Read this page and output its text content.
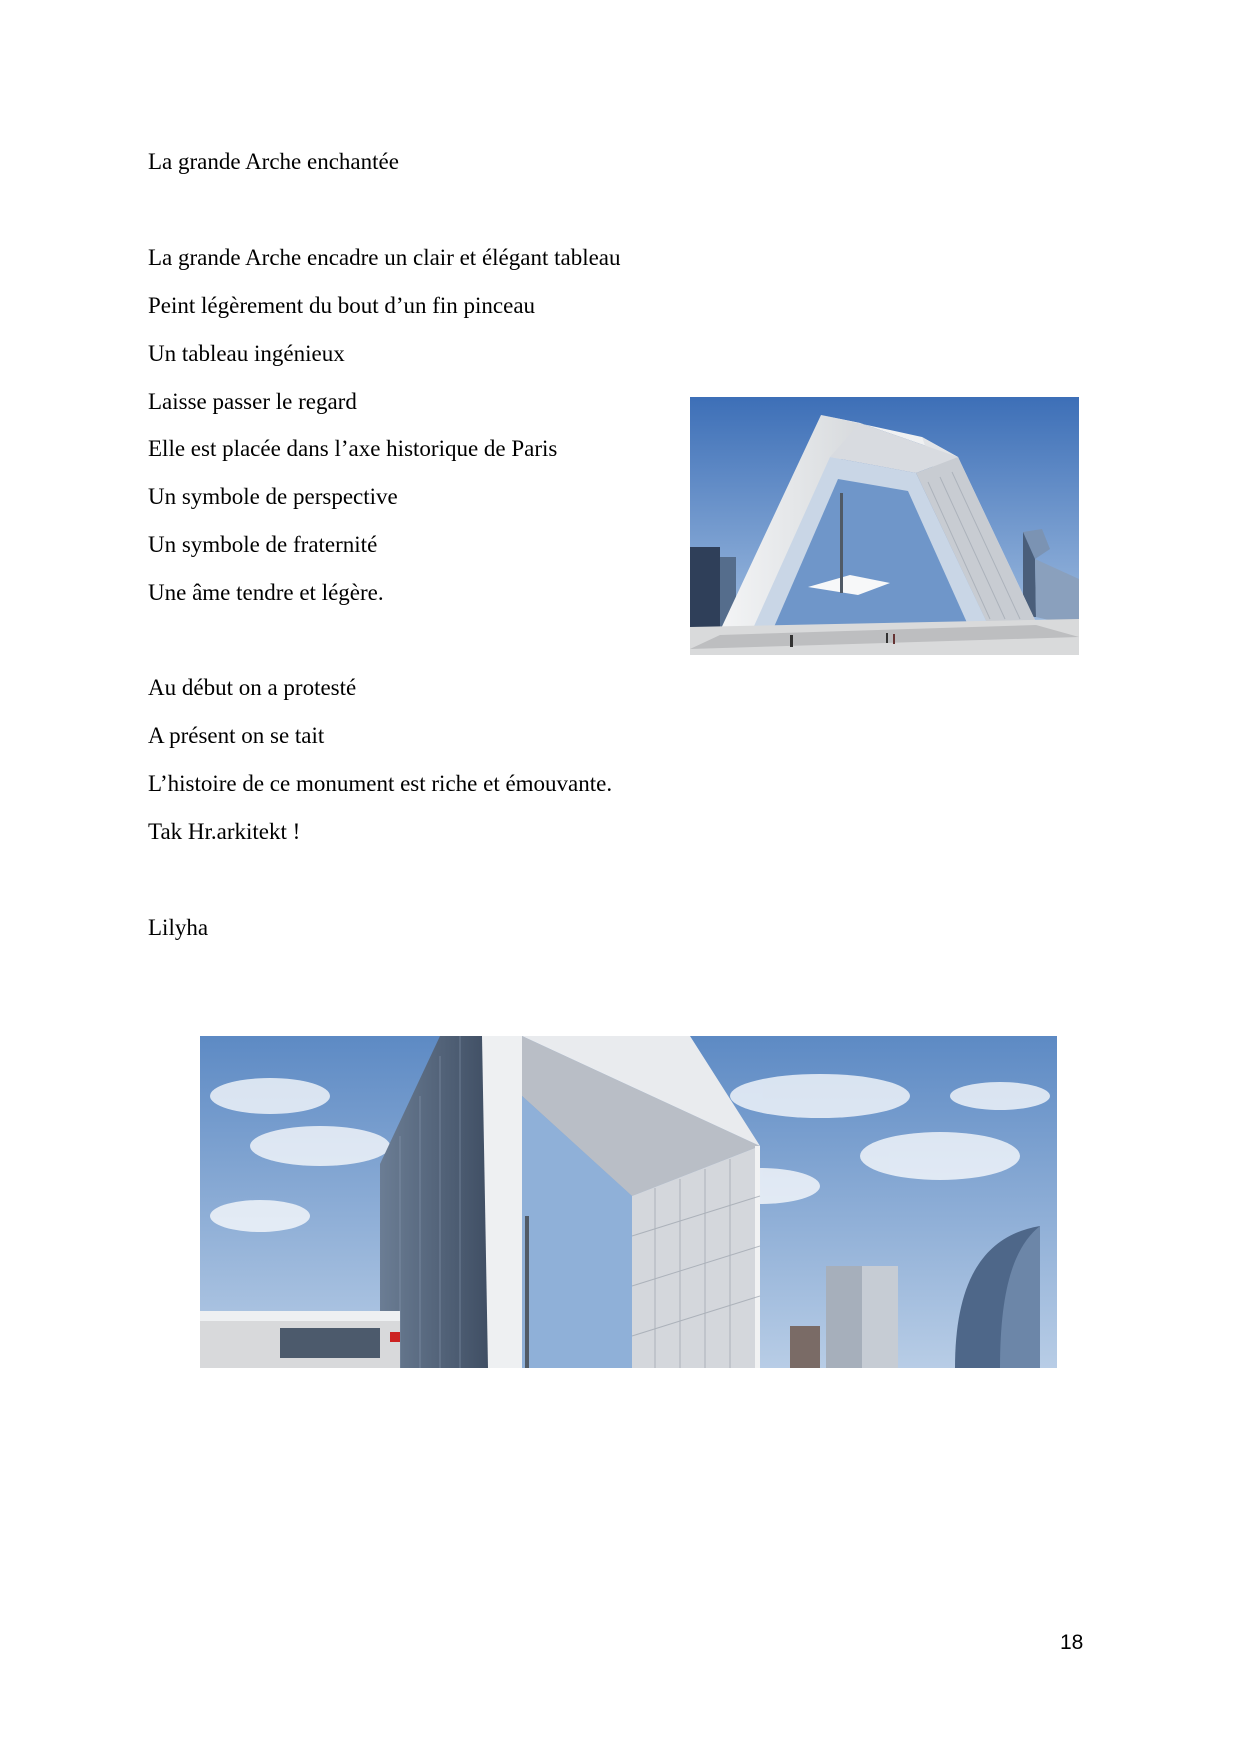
La grande Arche enchantée

La grande Arche encadre un clair et élégant tableau

Peint légèrement du bout d’un fin pinceau

Un tableau ingénieux

Laisse passer le regard

Elle est placée dans l’axe historique de Paris

Un symbole de perspective

Un symbole de fraternité

Une âme tendre et légère.

Au début on a protesté

A présent on se tait

L’histoire de ce monument est riche et émouvante.

Tak Hr.arkitekt !

Lilyha

18
